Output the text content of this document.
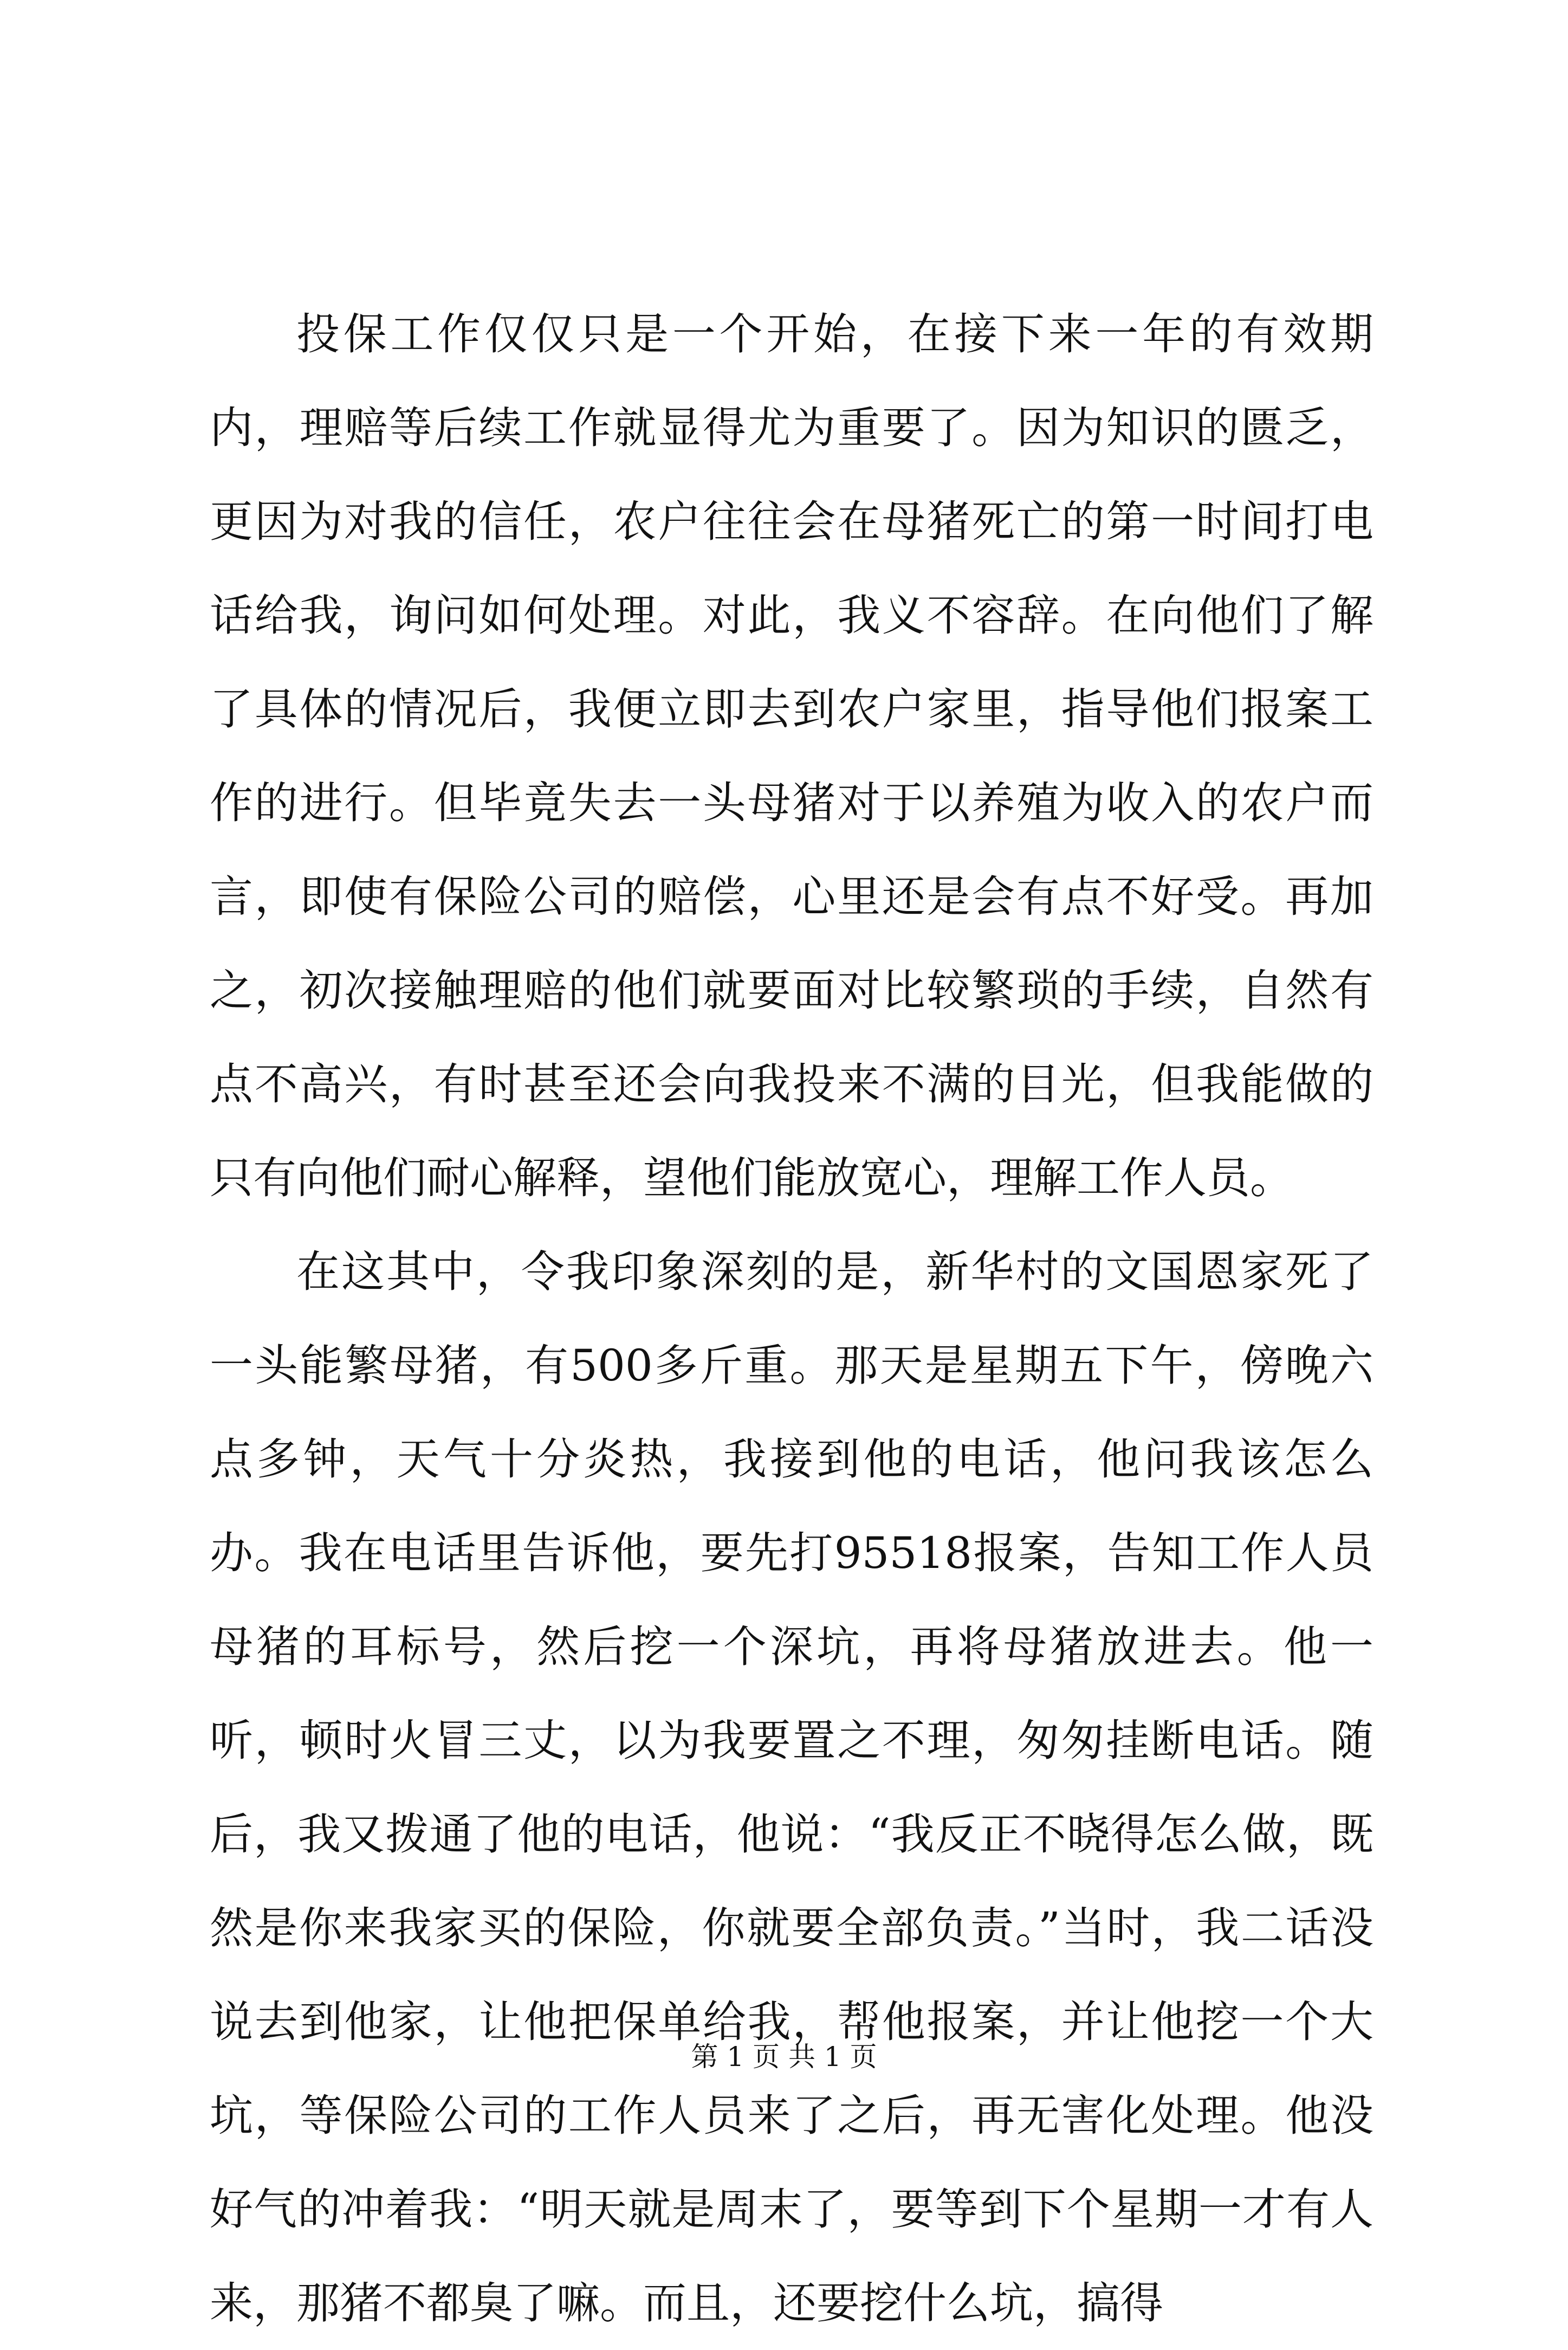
投保工作仅仅只是一个开始，在接下来一年的有效期内，理赔等后续工作就显得尤为重要了。因为知识的匮乏，更因为对我的信任，农户往往会在母猪死亡的第一时间打电话给我，询问如何处理。对此，我义不容辞。在向他们了解了具体的情况后，我便立即去到农户家里，指导他们报案工作的进行。但毕竟失去一头母猪对于以养殖为收入的农户而言，即使有保险公司的赔偿，心里还是会有点不好受。再加之，初次接触理赔的他们就要面对比较繁琐的手续，自然有点不高兴，有时甚至还会向我投来不满的目光，但我能做的只有向他们耐心解释，望他们能放宽心，理解工作人员。

在这其中，令我印象深刻的是，新华村的文国恩家死了一头能繁母猪，有500多斤重。那天是星期五下午，傍晚六点多钟，天气十分炎热，我接到他的电话，他问我该怎么办。我在电话里告诉他，要先打95518报案，告知工作人员母猪的耳标号，然后挖一个深坑，再将母猪放进去。他一听，顿时火冒三丈，以为我要置之不理，匆匆挂断电话。随后，我又拨通了他的电话，他说：“我反正不晓得怎么做，既然是你来我家买的保险，你就要全部负责。”当时，我二话没说去到他家，让他把保单给我，帮他报案，并让他挖一个大坑，等保险公司的工作人员来了之后，再无害化处理。他没好气的冲着我：“明天就是周末了，要等到下个星期一才有人来，那猪不都臭了嘛。而且，还要挖什么坑，搞得

第 1 页 共 1 页
